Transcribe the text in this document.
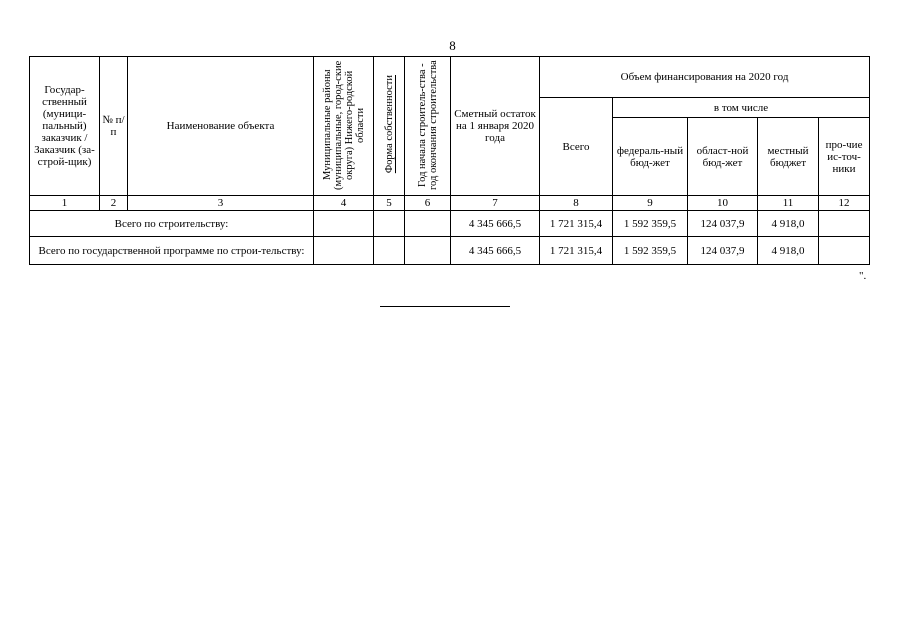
8
Государ-ственный (муници-пальный) заказчик / Заказчик (за-строй-щик)	№ п/п	Наименование объекта	Муниципальные районы (муниципальные, город-ские округа) Нижего-родской области	Форма собственности	Год начала строитель-ства - год окончания строительства	Сметный остаток на 1 января 2020 года	Объем финансирования на 2020 год				
							Всего	в том числе			
								федераль-ный бюд-жет	област-ной бюд-жет	местный бюджет	про-чие ис-точ-ники
1	2	3	4	5	6	7	8	9	10	11	12
Всего по строительству:						4 345 666,5	1 721 315,4	1 592 359,5	124 037,9	4 918,0	
Всего по государственной программе по строи-тельству:						4 345 666,5	1 721 315,4	1 592 359,5	124 037,9	4 918,0	
".
